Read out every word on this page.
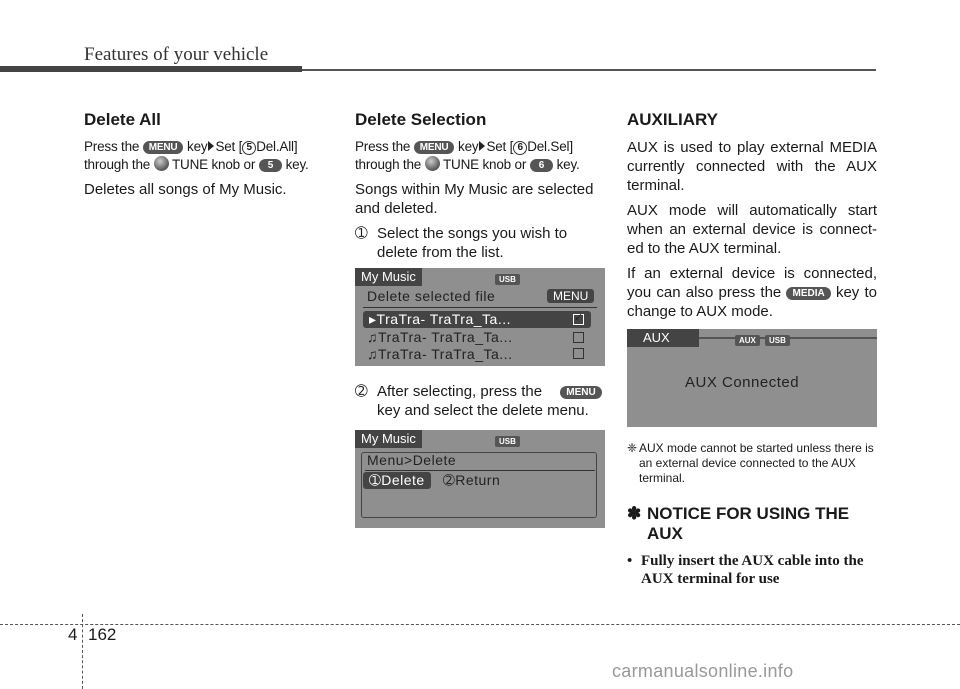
Features of your vehicle
Delete All
Press the MENU key Set [ 5 Del.All]
through the TUNE knob or 5 key.
Deletes all songs of My Music.
Delete Selection
Press the MENU key Set [ 6 Del.Sel]
through the TUNE knob or 6 key.
Songs within My Music are selected and deleted.
➀ Select the songs you wish to delete from the list.
My Music	USB
Delete selected file	MENU
▸TraTra- TraTra_Ta...
✓
♫TraTra- TraTra_Ta...
♫TraTra- TraTra_Ta...
➁ After selecting, press the MENU key and select the delete menu.
My Music	USB
Menu>Delete
➀Delete	➁Return
AUXILIARY
AUX is used to play external MEDIA currently connected with the AUX terminal.
AUX mode will automatically start when an external device is connect-ed to the AUX terminal.
If an external device is connected, you can also press the MEDIA key to change to AUX mode.
AUX	AUX	USB
AUX Connected
❈ AUX mode cannot be started unless there is an external device connected to the AUX terminal.
✽ NOTICE FOR USING THE AUX
• Fully insert the AUX cable into the AUX terminal for use
4 162
carmanualsonline.info
